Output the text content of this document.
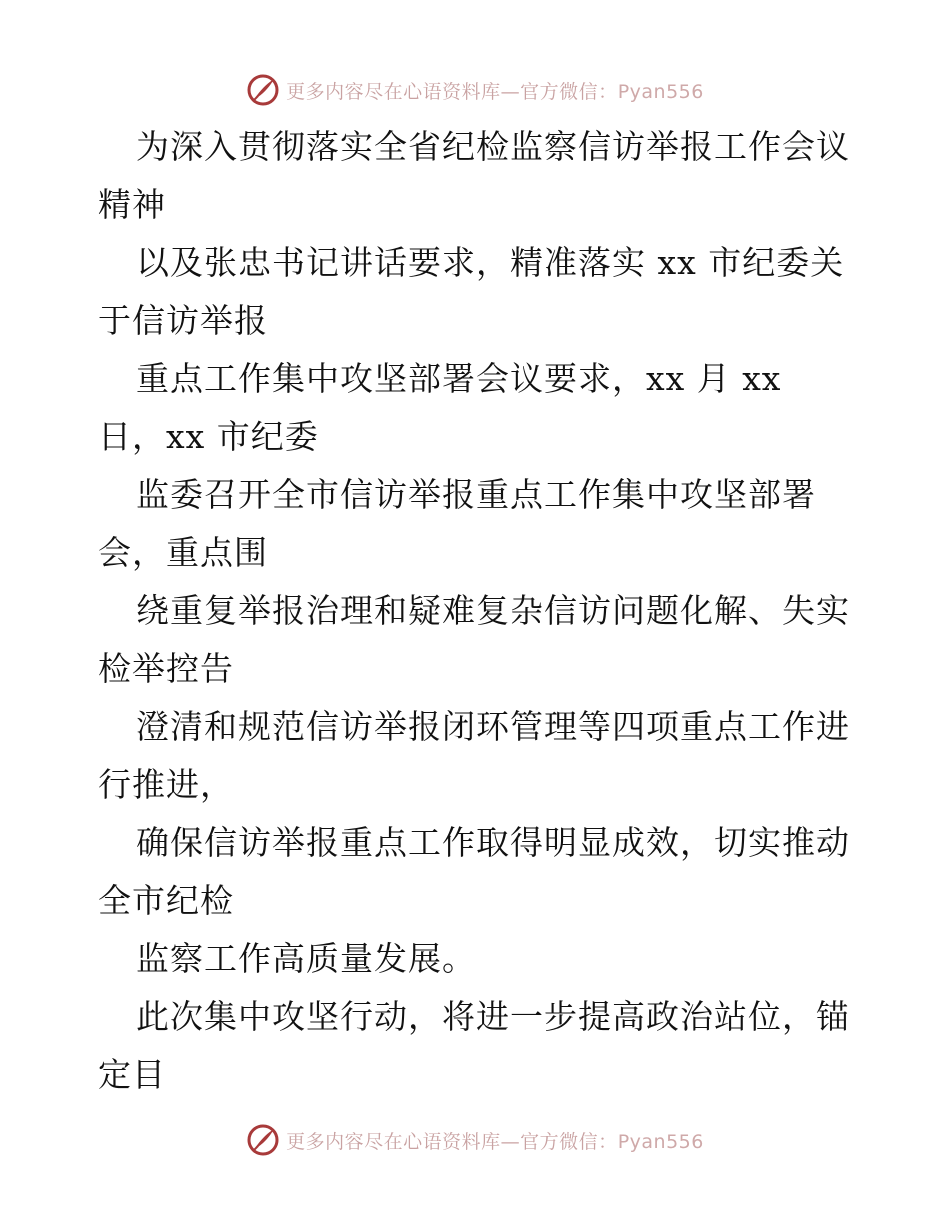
更多内容尽在心语资料库—官方微信：Pyan556
为深入贯彻落实全省纪检监察信访举报工作会议
精神
以及张忠书记讲话要求，精准落实 xx 市纪委关
于信访举报
重点工作集中攻坚部署会议要求，xx 月 xx
日，xx 市纪委
监委召开全市信访举报重点工作集中攻坚部署
会，重点围
绕重复举报治理和疑难复杂信访问题化解、失实
检举控告
澄清和规范信访举报闭环管理等四项重点工作进
行推进，
确保信访举报重点工作取得明显成效，切实推动
全市纪检
监察工作高质量发展。
此次集中攻坚行动，将进一步提高政治站位，锚
定目
更多内容尽在心语资料库—官方微信：Pyan556
